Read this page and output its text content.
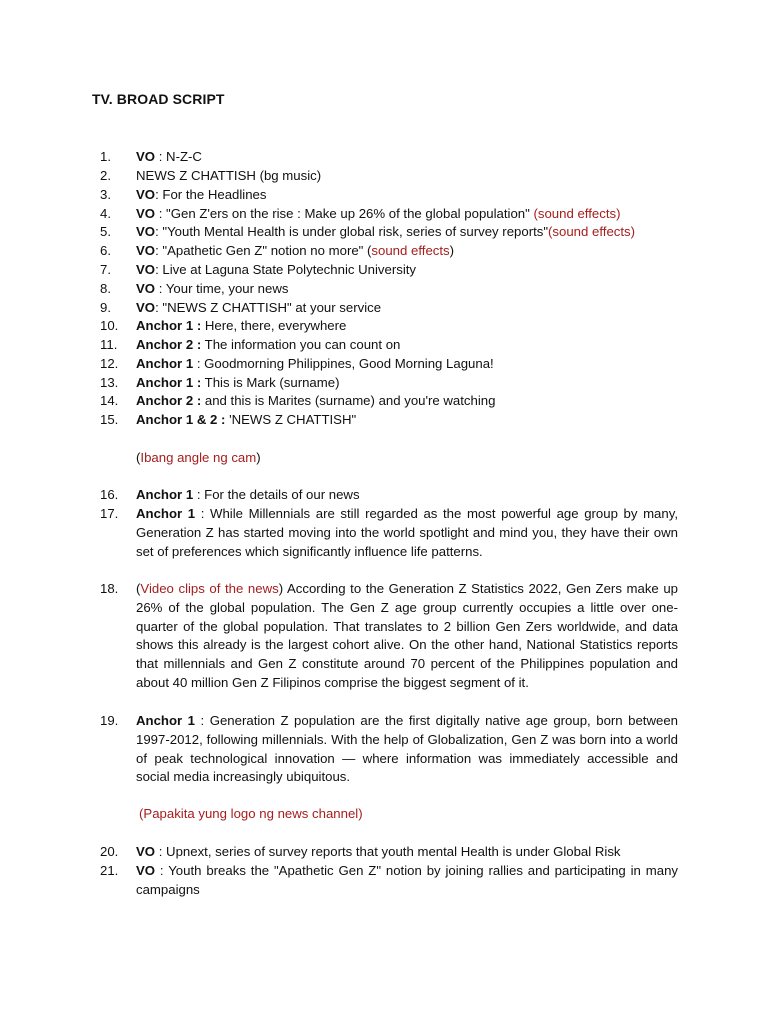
TV. BROAD SCRIPT
1.	VO : N-Z-C
2.	NEWS Z CHATTISH (bg music)
3.	VO: For the Headlines
4.	VO : "Gen Z'ers on the rise : Make up 26% of the global population" (sound effects)
5.	VO: "Youth Mental Health is under global risk, series of survey reports"(sound effects)
6.	VO: "Apathetic Gen Z" notion no more" (sound effects)
7.	VO: Live at Laguna State Polytechnic University
8.	VO : Your time, your news
9.	VO: "NEWS Z CHATTISH" at your service
10.	Anchor 1 : Here, there, everywhere
11.	Anchor 2 : The information you can count on
12.	Anchor 1 : Goodmorning Philippines, Good Morning Laguna!
13.	Anchor 1 : This is Mark (surname)
14.	Anchor 2 : and this is Marites (surname) and you're watching
15.	Anchor 1 & 2 : 'NEWS Z CHATTISH"
(Ibang angle ng cam)
16.	Anchor 1 : For the details of our news
17.	Anchor 1 : While Millennials are still regarded as the most powerful age group by many, Generation Z has started moving into the world spotlight and mind you, they have their own set of preferences which significantly influence life patterns.
18.	(Video clips of the news) According to the Generation Z Statistics 2022, Gen Zers make up 26% of the global population. The Gen Z age group currently occupies a little over one-quarter of the global population. That translates to 2 billion Gen Zers worldwide, and data shows this already is the largest cohort alive. On the other hand, National Statistics reports that millennials and Gen Z constitute around 70 percent of the Philippines population and about 40 million Gen Z Filipinos comprise the biggest segment of it.
19.	Anchor 1 : Generation Z population are the first digitally native age group, born between 1997-2012, following millennials. With the help of Globalization, Gen Z was born into a world of peak technological innovation — where information was immediately accessible and social media increasingly ubiquitous.
(Papakita yung logo ng news channel)
20.	VO : Upnext, series of survey reports that youth mental Health is under Global Risk
21.	VO : Youth breaks the "Apathetic Gen Z" notion by joining rallies and participating in many campaigns
